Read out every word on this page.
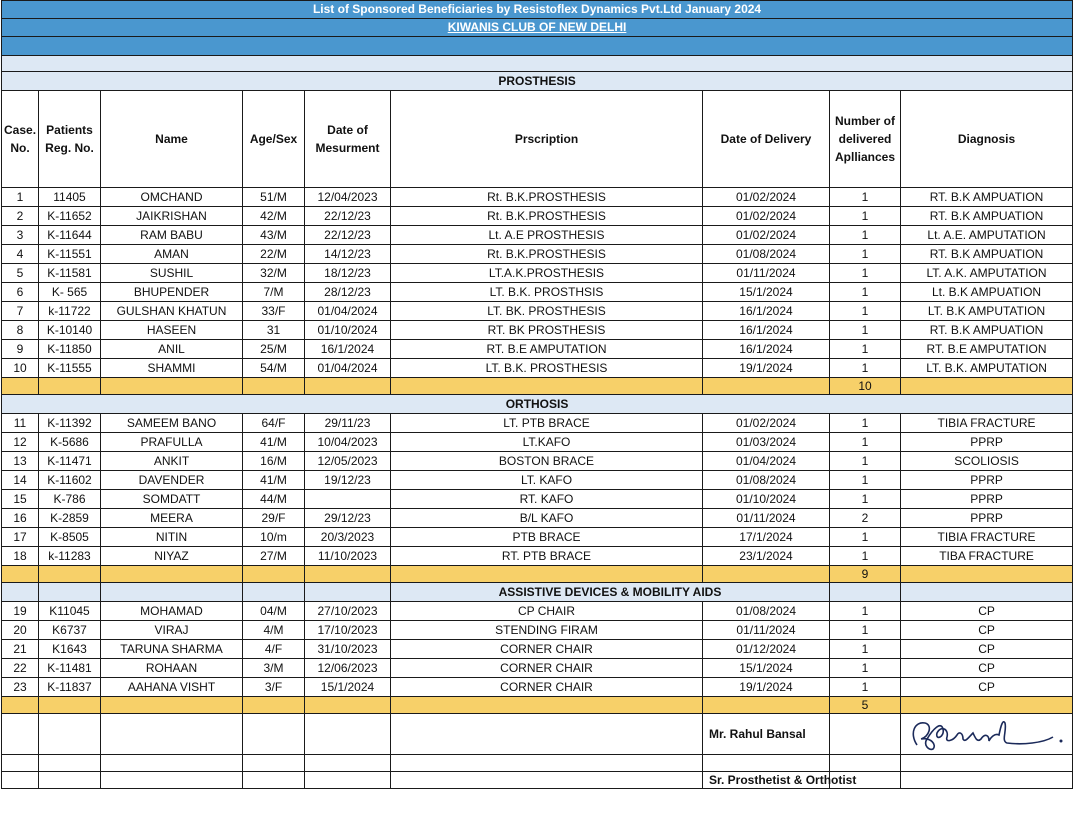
List of Sponsored Beneficiaries by Resistoflex Dynamics Pvt.Ltd January 2024								
KIWANIS CLUB OF NEW DELHI								

PROSTHESIS								
Case. No.	Patients Reg. No.	Name	Age/Sex	Date of Mesurment	Prscription	Date of Delivery	Number of delivered Aplliances	Diagnosis
1	11405	OMCHAND	51/M	12/04/2023	Rt. B.K.PROSTHESIS	01/02/2024	1	RT. B.K AMPUATION
2	K-11652	JAIKRISHAN	42/M	22/12/23	Rt. B.K.PROSTHESIS	01/02/2024	1	RT. B.K AMPUATION
3	K-11644	RAM BABU	43/M	22/12/23	Lt. A.E PROSTHESIS	01/02/2024	1	Lt. A.E. AMPUTATION
4	K-11551	AMAN	22/M	14/12/23	Rt. B.K.PROSTHESIS	01/08/2024	1	RT. B.K AMPUATION
5	K-11581	SUSHIL	32/M	18/12/23	LT.A.K.PROSTHESIS	01/11/2024	1	LT. A.K. AMPUTATION
6	K- 565	BHUPENDER	7/M	28/12/23	LT. B.K. PROSTHSIS	15/1/2024	1	Lt. B.K AMPUATION
7	k-11722	GULSHAN KHATUN	33/F	01/04/2024	LT. BK. PROSTHESIS	16/1/2024	1	LT. B.K AMPUTATION
8	K-10140	HASEEN	31	01/10/2024	RT. BK PROSTHESIS	16/1/2024	1	RT. B.K AMPUATION
9	K-11850	ANIL	25/M	16/1/2024	RT. B.E AMPUTATION	16/1/2024	1	RT. B.E AMPUTATION
10	K-11555	SHAMMI	54/M	01/04/2024	LT. B.K. PROSTHESIS	19/1/2024	1	LT. B.K. AMPUTATION
							10	
ORTHOSIS								
11	K-11392	SAMEEM BANO	64/F	29/11/23	LT. PTB BRACE	01/02/2024	1	TIBIA FRACTURE
12	K-5686	PRAFULLA	41/M	10/04/2023	LT.KAFO	01/03/2024	1	PPRP
13	K-11471	ANKIT	16/M	12/05/2023	BOSTON BRACE	01/04/2024	1	SCOLIOSIS
14	K-11602	DAVENDER	41/M	19/12/23	LT. KAFO	01/08/2024	1	PPRP
15	K-786	SOMDATT	44/M		RT. KAFO	01/10/2024	1	PPRP
16	K-2859	MEERA	29/F	29/12/23	B/L KAFO	01/11/2024	2	PPRP
17	K-8505	NITIN	10/m	20/3/2023	PTB BRACE	17/1/2024	1	TIBIA FRACTURE
18	k-11283	NIYAZ	27/M	11/10/2023	RT. PTB BRACE	23/1/2024	1	TIBA FRACTURE
							9	
					ASSISTIVE DEVICES & MOBILITY AIDS			
19	K11045	MOHAMAD	04/M	27/10/2023	CP CHAIR	01/08/2024	1	CP
20	K6737	VIRAJ	4/M	17/10/2023	STENDING FIRAM	01/11/2024	1	CP
21	K1643	TARUNA SHARMA	4/F	31/10/2023	CORNER CHAIR	01/12/2024	1	CP
22	K-11481	ROHAAN	3/M	12/06/2023	CORNER CHAIR	15/1/2024	1	CP
23	K-11837	AAHANA VISHT	3/F	15/1/2024	CORNER CHAIR	19/1/2024	1	CP
							5	
						Mr. Rahul Bansal		

						Sr. Prosthetist & Orthotist		
